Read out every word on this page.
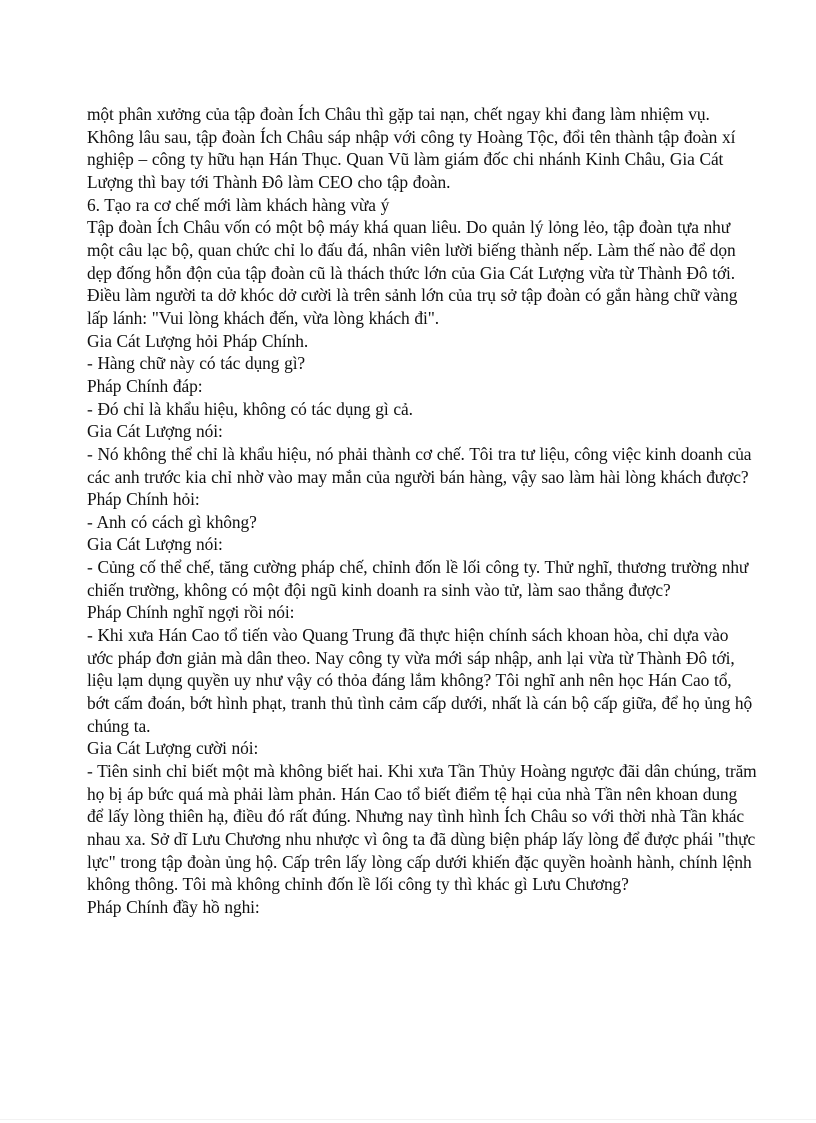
một phân xưởng của tập đoàn Ích Châu thì gặp tai nạn, chết ngay khi đang làm nhiệm vụ.

Không lâu sau, tập đoàn Ích Châu sáp nhập với công ty Hoàng Tộc, đổi tên thành tập đoàn xí nghiệp – công ty hữu hạn Hán Thục. Quan Vũ làm giám đốc chi nhánh Kinh Châu, Gia Cát Lượng thì bay tới Thành Đô làm CEO cho tập đoàn.

6. Tạo ra cơ chế mới làm khách hàng vừa ý

Tập đoàn Ích Châu vốn có một bộ máy khá quan liêu. Do quản lý lỏng lẻo, tập đoàn tựa như một câu lạc bộ, quan chức chỉ lo đấu đá, nhân viên lười biếng thành nếp. Làm thế nào để dọn dẹp đống hỗn độn của tập đoàn cũ là thách thức lớn của Gia Cát Lượng vừa từ Thành Đô tới. Điều làm người ta dở khóc dở cười là trên sảnh lớn của trụ sở tập đoàn có gắn hàng chữ vàng lấp lánh: "Vui lòng khách đến, vừa lòng khách đi".

Gia Cát Lượng hỏi Pháp Chính.

- Hàng chữ này có tác dụng gì?

Pháp Chính đáp:

- Đó chỉ là khẩu hiệu, không có tác dụng gì cả.

Gia Cát Lượng nói:

- Nó không thể chỉ là khẩu hiệu, nó phải thành cơ chế. Tôi tra tư liệu, công việc kinh doanh của các anh trước kia chỉ nhờ vào may mắn của người bán hàng, vậy sao làm hài lòng khách được?

Pháp Chính hỏi:

- Anh có cách gì không?

Gia Cát Lượng nói:

- Củng cố thể chế, tăng cường pháp chế, chỉnh đốn lề lối công ty. Thử nghĩ, thương trường như chiến trường, không có một đội ngũ kinh doanh ra sinh vào tử, làm sao thắng được?

Pháp Chính nghĩ ngợi rồi nói:

- Khi xưa Hán Cao tổ tiến vào Quang Trung đã thực hiện chính sách khoan hòa, chỉ dựa vào ước pháp đơn giản mà dân theo. Nay công ty vừa mới sáp nhập, anh lại vừa từ Thành Đô tới, liệu lạm dụng quyền uy như vậy có thỏa đáng lắm không? Tôi nghĩ anh nên học Hán Cao tổ, bớt cấm đoán, bớt hình phạt, tranh thủ tình cảm cấp dưới, nhất là cán bộ cấp giữa, để họ ủng hộ chúng ta.

Gia Cát Lượng cười nói:

- Tiên sinh chỉ biết một mà không biết hai. Khi xưa Tần Thủy Hoàng ngược đãi dân chúng, trăm họ bị áp bức quá mà phải làm phản. Hán Cao tổ biết điểm tệ hại của nhà Tần nên khoan dung để lấy lòng thiên hạ, điều đó rất đúng. Nhưng nay tình hình Ích Châu so với thời nhà Tần khác nhau xa. Sở dĩ Lưu Chương nhu nhược vì ông ta đã dùng biện pháp lấy lòng để được phái "thực lực" trong tập đoàn ủng hộ. Cấp trên lấy lòng cấp dưới khiến đặc quyền hoành hành, chính lệnh không thông. Tôi mà không chỉnh đốn lề lối công ty thì khác gì Lưu Chương?

Pháp Chính đầy hồ nghi:
